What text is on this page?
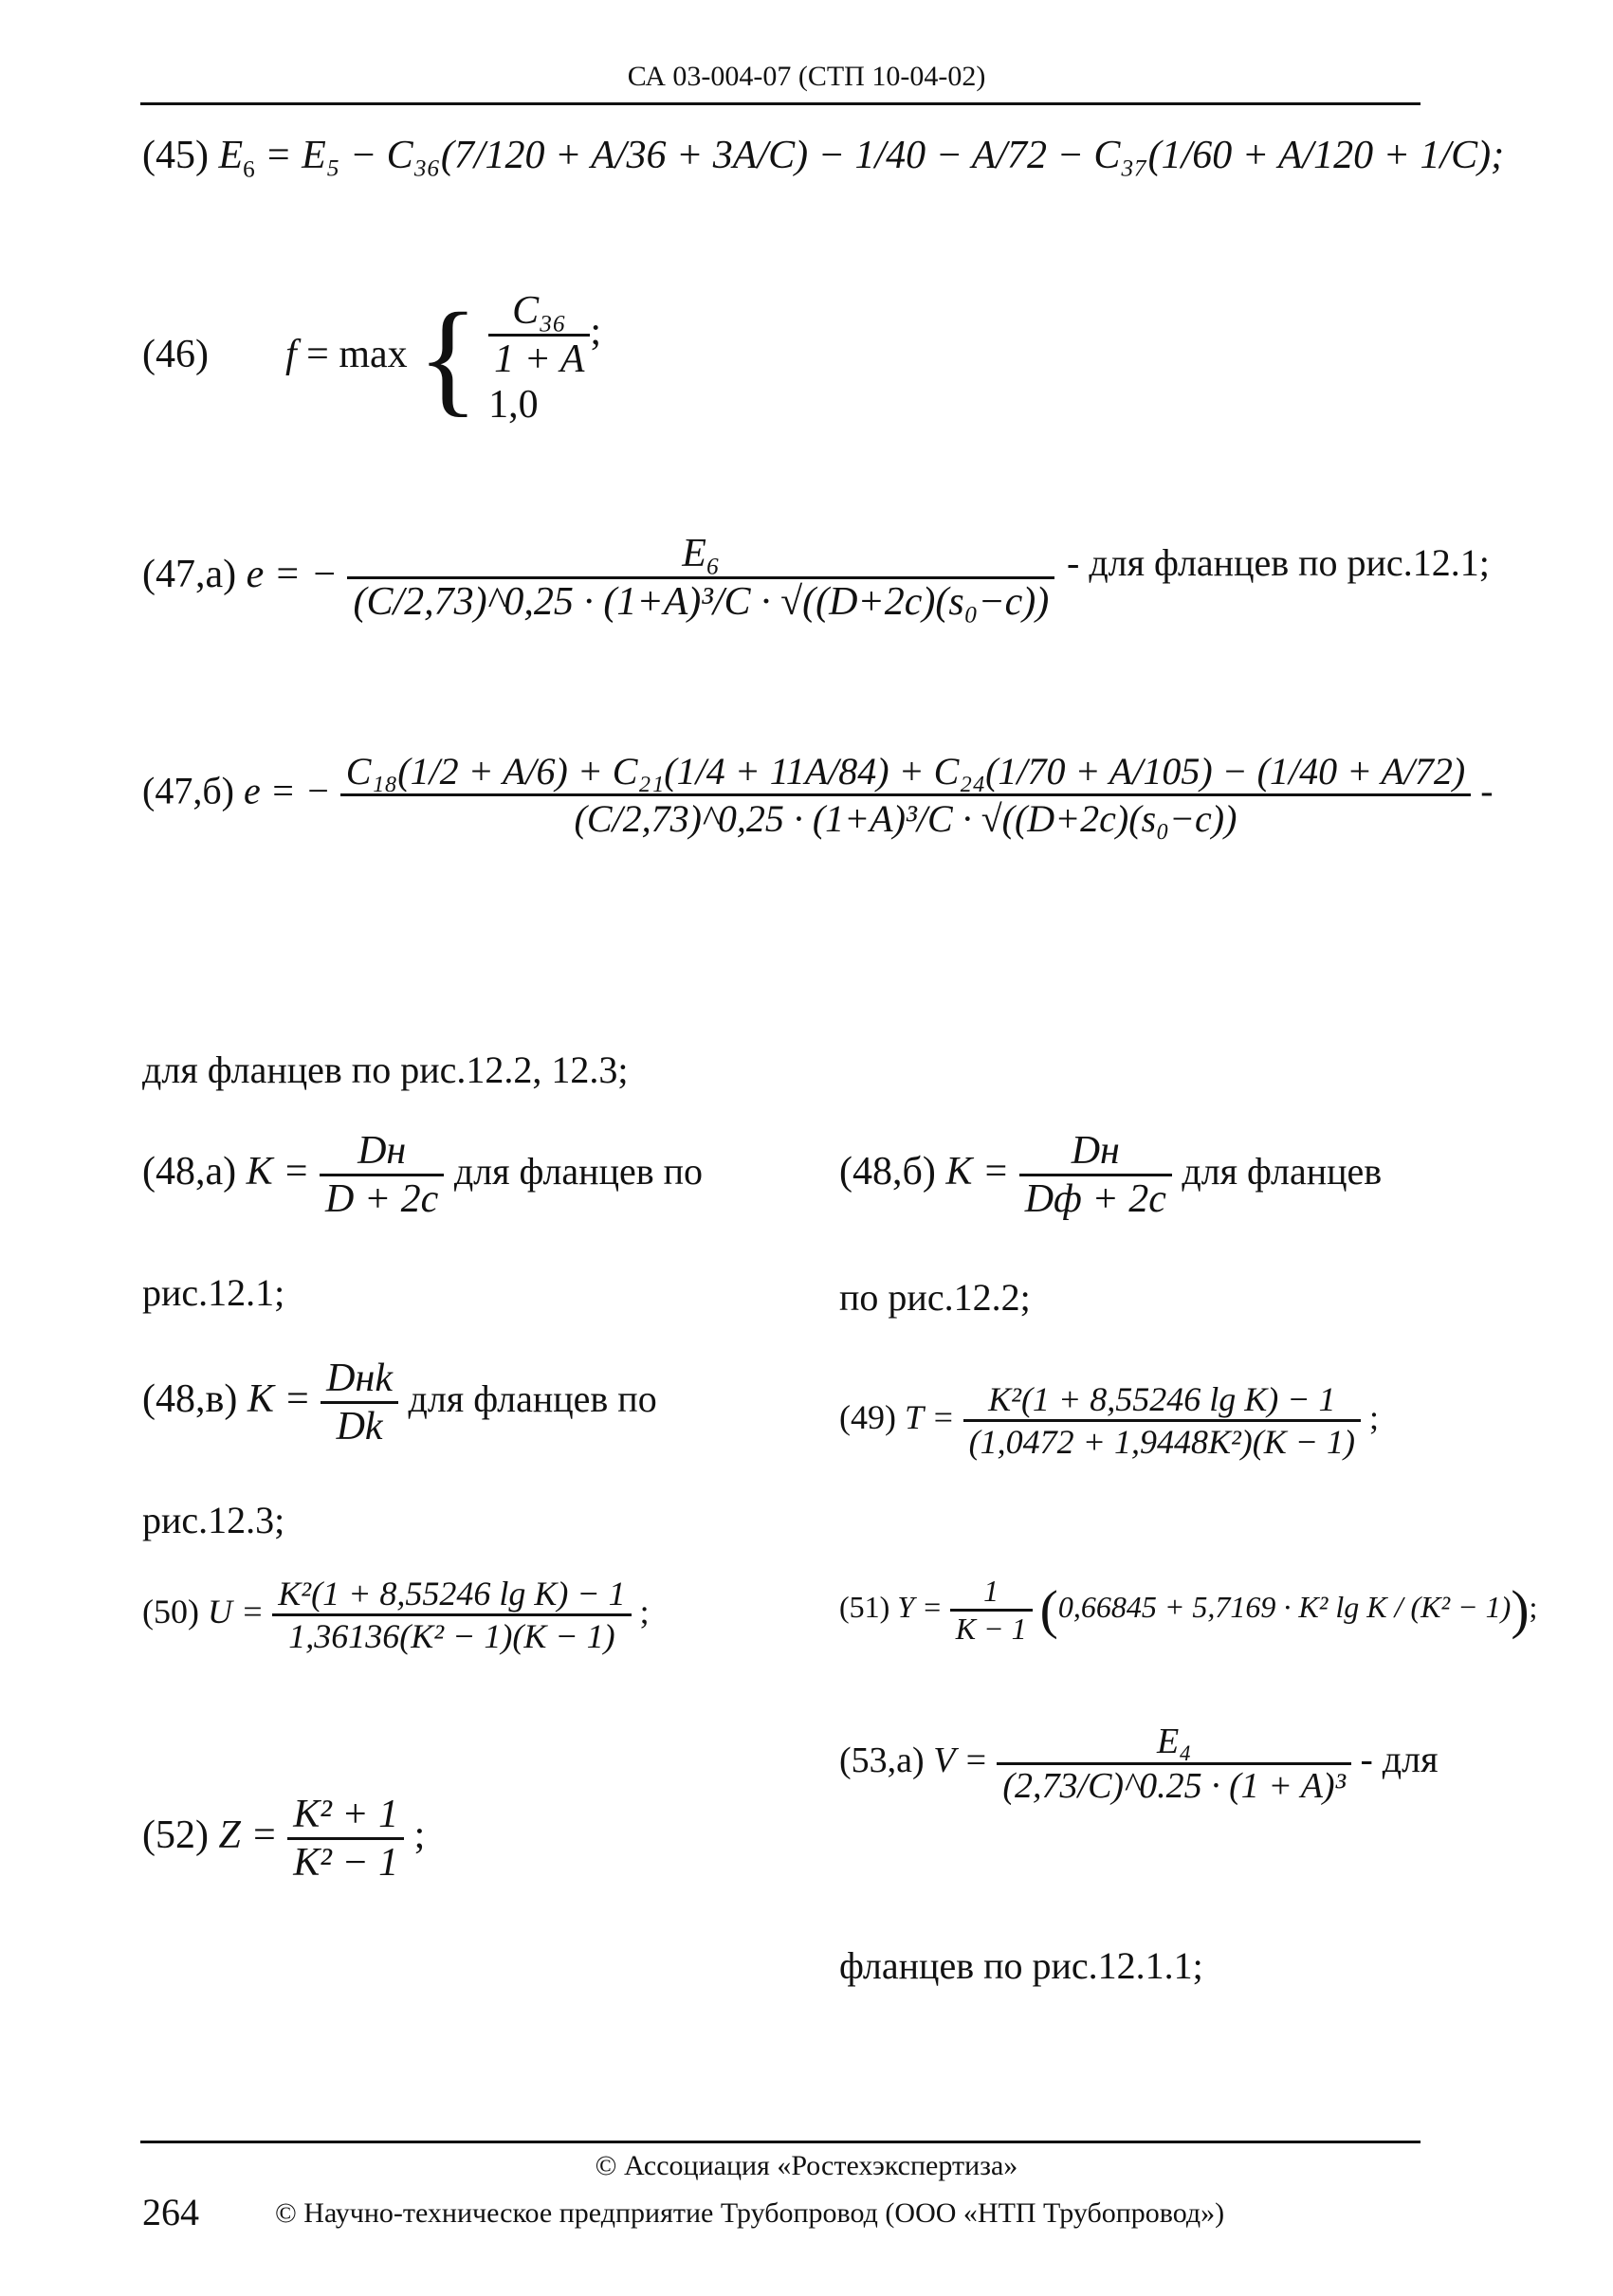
СА 03-004-07 (СТП 10-04-02)
(45) $E_6 = E_5 - C_{36}(7/120 + A/36 + 3A/C) - 1/40 - A/72 - C_{37}(1/60 + A/120 + 1/C)$;
(46) f = max { $\frac{\text{C₃₆}}{1 + A}$ ;
1,0
(47,а) e = − $\frac{\text{E₆}}{\text{(C/2,73)\textasciicircum{}0,25 · (1+A)³/C · √((D+2c)(s₀−c))}}$ - для фланцев по рис.12.1;
(47,б) e = − C₁₈(1/2 + A/6) + C₂₁(1/4 + 11A/84) + C₂₄(1/70 + A/105) − (1/40 + A/72)
(C/2,73)^0,25 · (1+A)³/C · √((D+2c)(s₀−c))
-
для фланцев по рис.12.2, 12.3;
(48,а) $K = \frac{Dн}{D + 2c}$ для фланцев по
рис.12.1;
(48,б) $K = \frac{Dн}{Dф + 2c}$ для фланцев
по рис.12.2;
(48,в) $K = \frac{\text{Dнk}}{Dk}$ для фланцев по
рис.12.3;
(49) $T = \frac{\text{K²(1 + 8,55246 lg K) − 1}}{\text{(1,0472 + 1,9448K²)(K − 1)}}$ ;
(50) $U = \frac{\text{K²(1 + 8,55246 lg K) − 1}}{\text{1,36136(K² − 1)(K − 1)}}$ ;	(51) $Y = \frac{1}{K - 1} (0,66845 + 5,7169 \cdot K^2$ lg K / (K² − 1));
(52) $Z = \frac{\text{K² + 1}}{\text{K² − 1}}$ ;
(53,а) $V = \frac{\text{E₄}}{\text{(2,73/C)\textasciicircum{}0.25 · (1 + A)³}}$ - для
фланцев по рис.12.1.1;
© Ассоциация «Ростехэкспертиза»
264	© Научно-техническое предприятие Трубопровод (ООО «НТП Трубопровод»)
